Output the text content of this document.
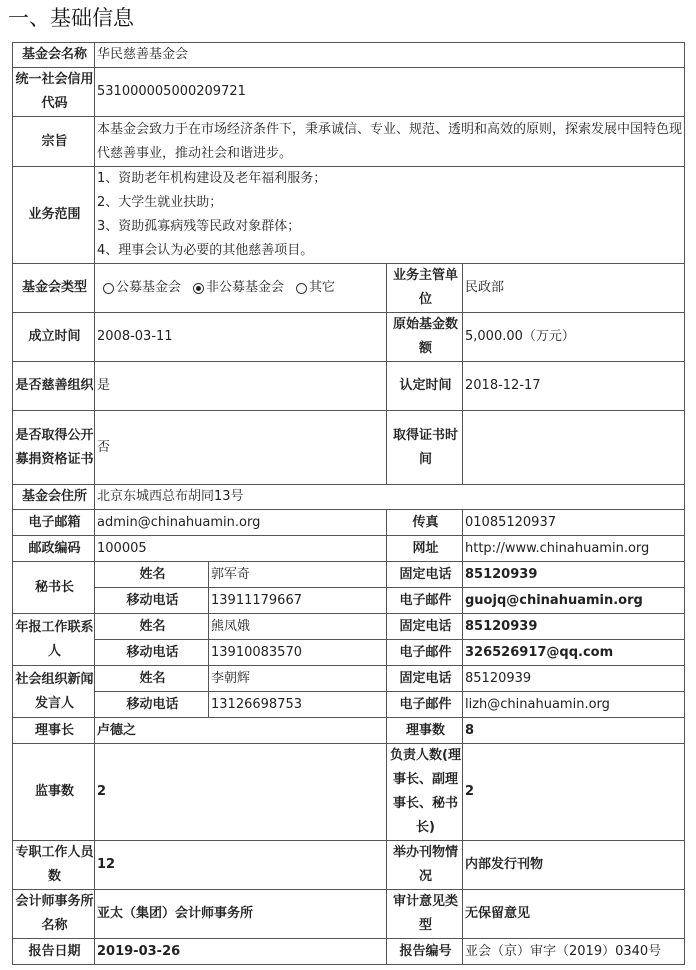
一、基础信息
基金会名称	华民慈善基金会			
统一社会信用代码	531000005000209721			
宗旨	本基金会致力于在市场经济条件下，秉承诚信、专业、规范、透明和高效的原则，探索发展中国特色现代慈善事业，推动社会和谐进步。			
业务范围	1、资助老年机构建设及老年福利服务；
2、大学生就业扶助；
3、资助孤寡病残等民政对象群体；
4、理事会认为必要的其他慈善项目。			

基金会类型	公募基金会 非公募基金会 其它		业务主管单位	民政部
成立时间	2008-03-11		原始基金数额	5,000.00（万元）
是否慈善组织	是		认定时间	2018-12-17
是否取得公开募捐资格证书	否		取得证书时间	
基金会住所	北京东城西总布胡同13号			
电子邮箱	admin@chinahuamin.org		传真	01085120937
邮政编码	100005		网址	http://www.chinahuamin.org
秘书长	姓名	郭军奇	固定电话	85120939
	移动电话	13911179667	电子邮件	guojq@chinahuamin.org
年报工作联系人	姓名	熊凤娥	固定电话	85120939
	移动电话	13910083570	电子邮件	326526917@qq.com
社会组织新闻发言人	姓名	李朝辉	固定电话	85120939
	移动电话	13126698753	电子邮件	lizh@chinahuamin.org
理事长	卢德之		理事数	8
监事数	2		负责人数(理事长、副理事长、秘书长)	2
专职工作人员数	12		举办刊物情况	内部发行刊物
会计师事务所名称	亚太（集团）会计师事务所		审计意见类型	无保留意见
报告日期	2019-03-26		报告编号	亚会（京）审字（2019）0340号
